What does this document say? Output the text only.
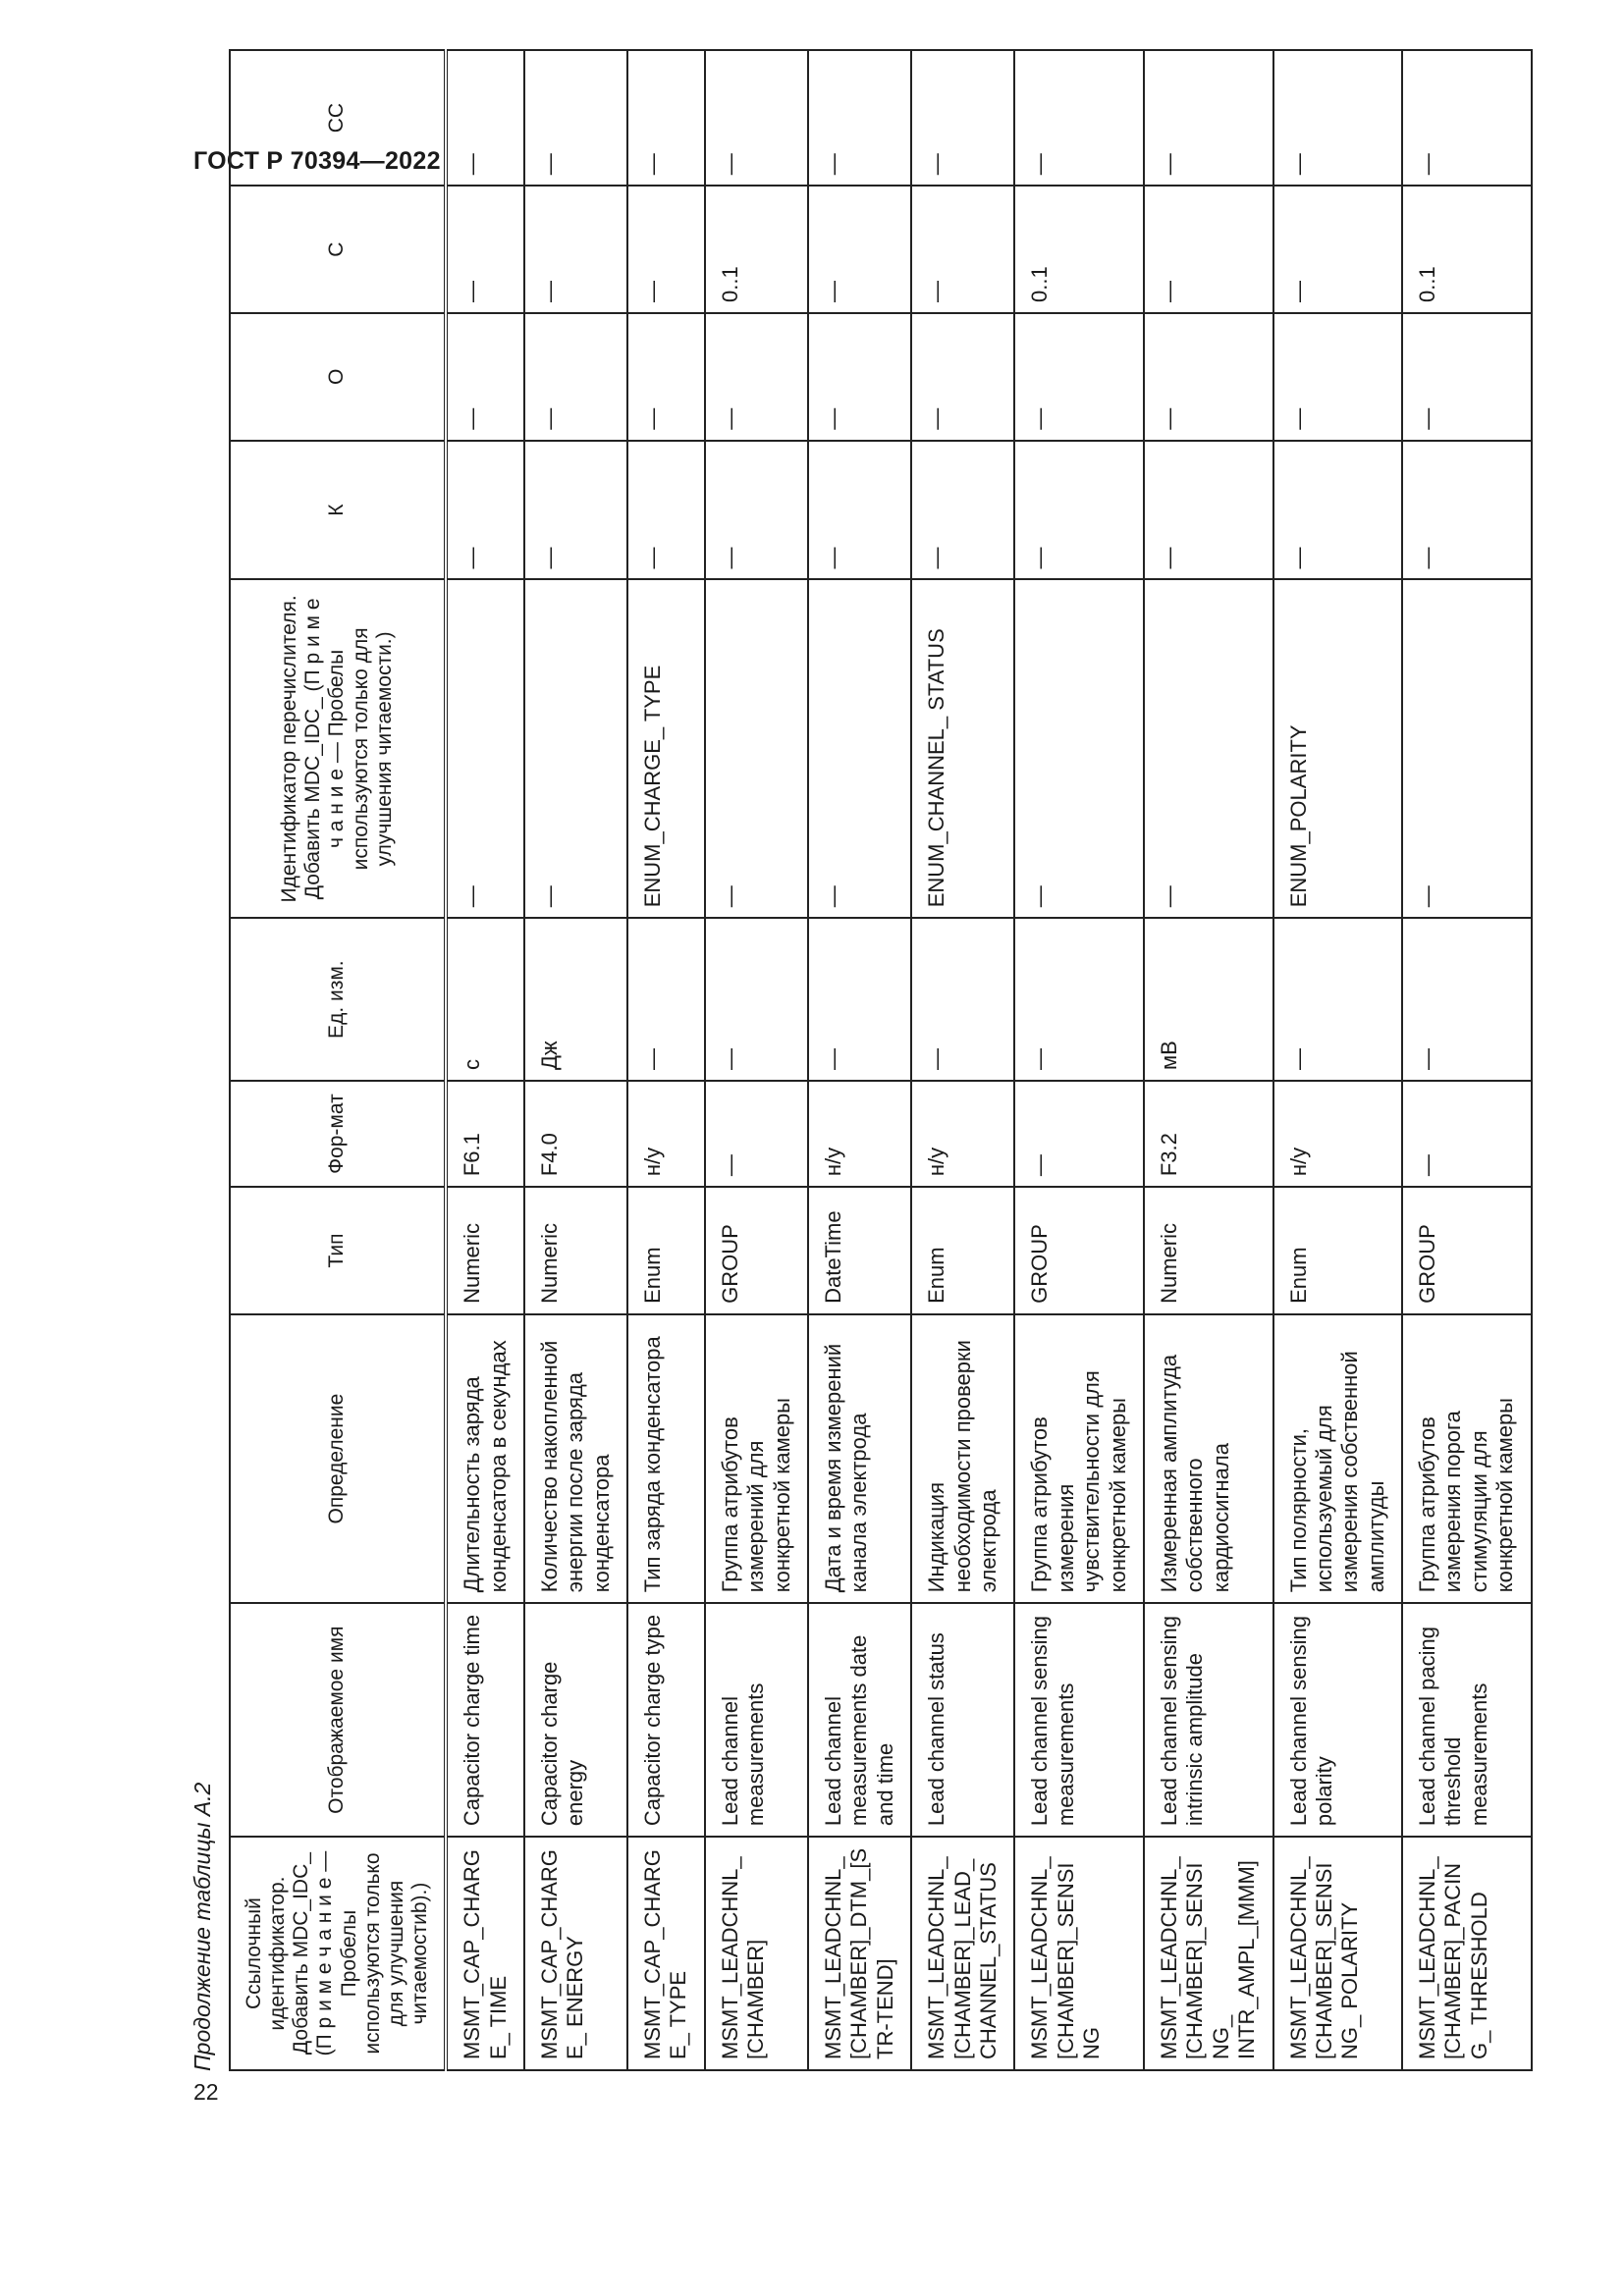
ГОСТ Р 70394—2022
22
Продолжение таблицы А.2 Ссылочный идентификатор. Добавить MDC_IDC_ (П р и м е ч а н и е — Пробелы используются только для улучшения читаемостиb).)	Отображаемое имя	Определение	Тип	Фор-мат	Ед. изм.	Идентификатор перечислителя. Добавить MDC_IDC_ (П р и м е ч а н и е — Пробелы используются только для улучшения читаемости.)	К	О	С	СС
MSMT_CAP_CHARGE_ TIME	Capacitor charge time	Длительность заряда конденсатора в секундах	Numeric	F6.1	с	—	—	—	—	—
MSMT_CAP_CHARGE_ ENERGY	Capacitor charge energy	Количество накопленной энергии после заряда конденсатора	Numeric	F4.0	Дж	—	—	—	—	—
MSMT_CAP_CHARGE_ TYPE	Capacitor charge type	Тип заряда конденсатора	Enum	н/у	—	ENUM_CHARGE_ TYPE	—	—	—	—
MSMT_LEADCHNL_ [CHAMBER]	Lead channel measurements	Группа атрибутов измерений для конкретной камеры	GROUP	—	—	—	—	—	0..1	—
MSMT_LEADCHNL_ [CHAMBER]_DTM_[STR-TEND]	Lead channel measurements date and time	Дата и время измерений канала электрода	DateTime	н/у	—	—	—	—	—	—
MSMT_LEADCHNL_ [CHAMBER]_LEAD_ CHANNEL_STATUS	Lead channel status	Индикация необходимости проверки электрода	Enum	н/у	—	ENUM_CHANNEL_ STATUS	—	—	—	—
MSMT_LEADCHNL_ [CHAMBER]_SENSING	Lead channel sensing measurements	Группа атрибутов измерения чувствительности для конкретной камеры	GROUP	—	—	—	—	—	0..1	—
MSMT_LEADCHNL_ [CHAMBER]_SENSING_ INTR_AMPL_[MMM]	Lead channel sensing intrinsic amplitude	Измеренная амплитуда собственного кардиосигнала	Numeric	F3.2	мВ	—	—	—	—	—
MSMT_LEADCHNL_ [CHAMBER]_SENSING_ POLARITY	Lead channel sensing polarity	Тип полярности, используемый для измерения собственной амплитуды	Enum	н/у	—	ENUM_POLARITY	—	—	—	—
MSMT_LEADCHNL_ [CHAMBER]_PACING_ THRESHOLD	Lead channel pacing threshold measurements	Группа атрибутов измерения порога стимуляции для конкретной камеры	GROUP	—	—	—	—	—	0..1	—
